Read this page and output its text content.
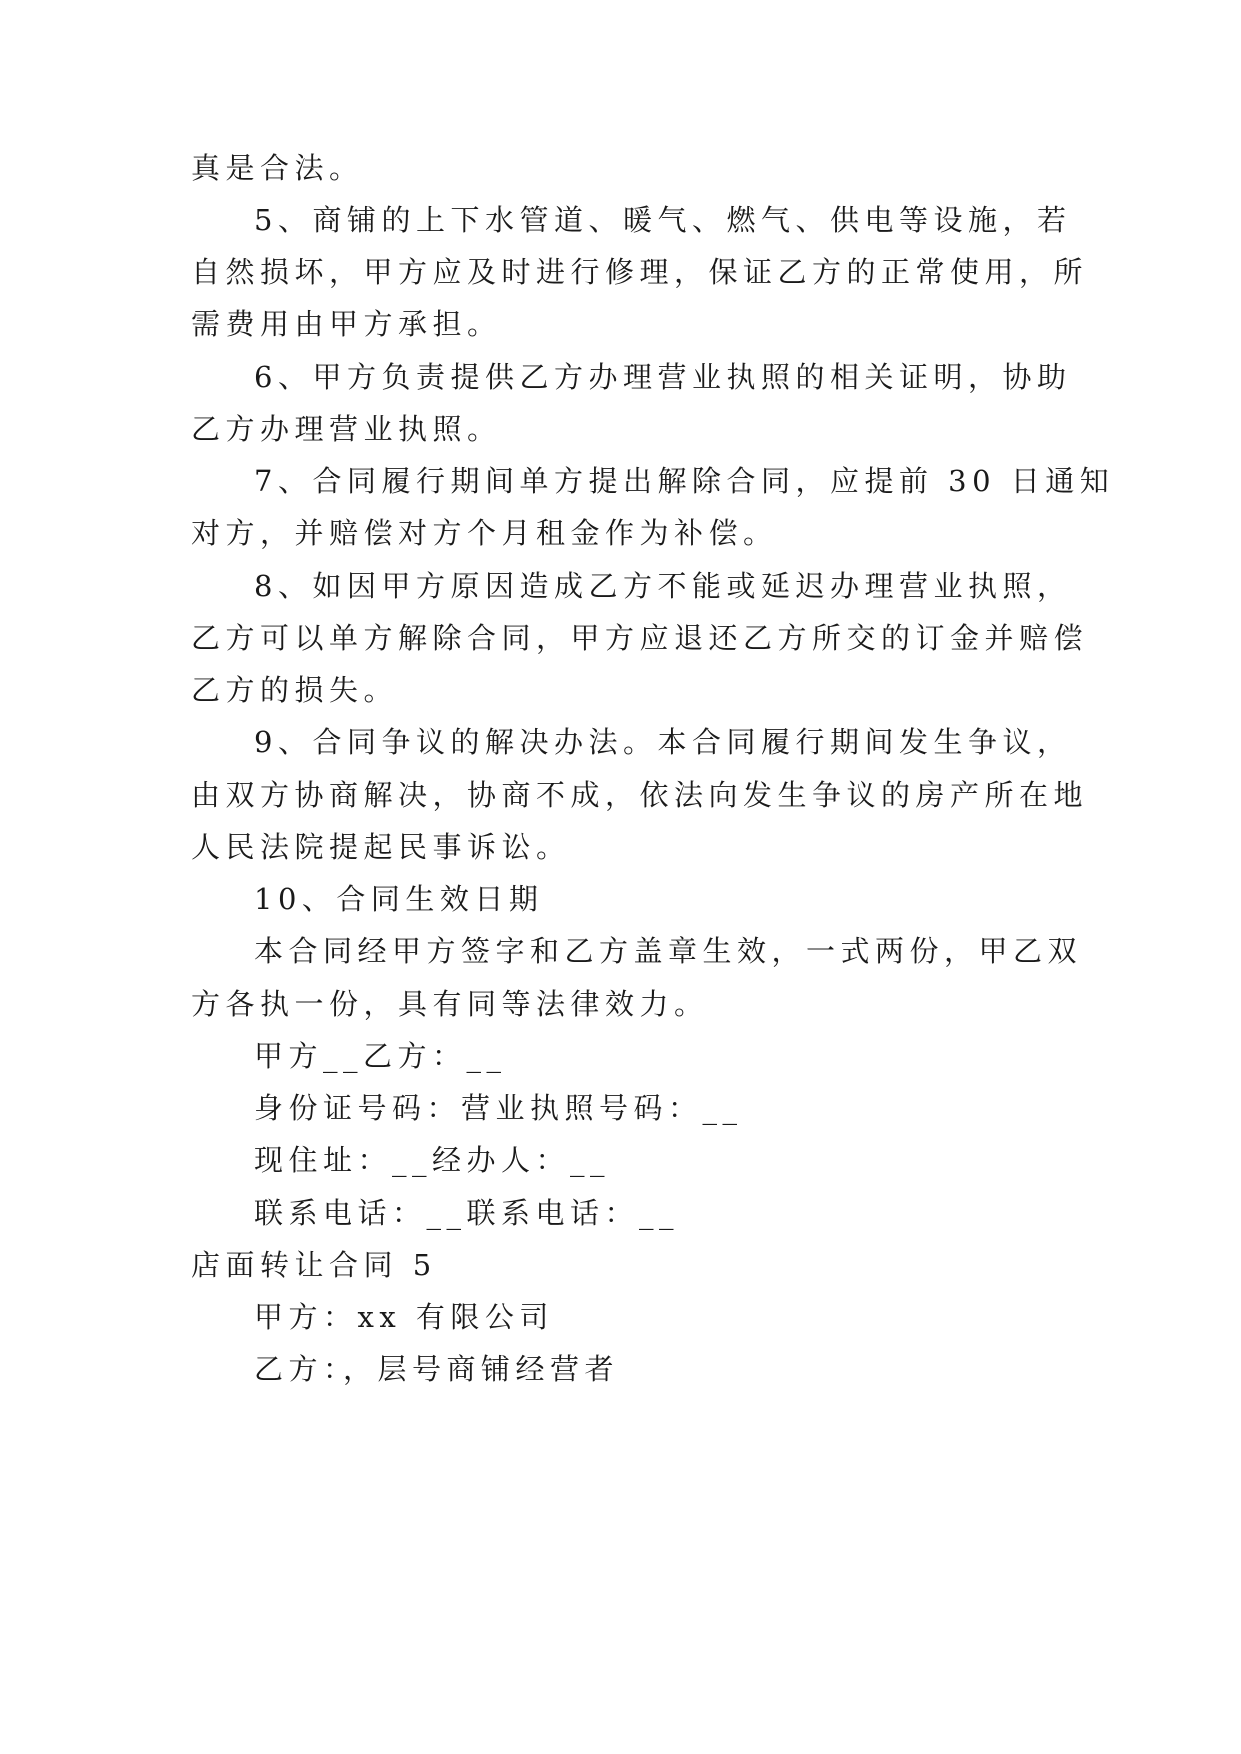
真是合法。
5、商铺的上下水管道、暖气、燃气、供电等设施，若
自然损坏，甲方应及时进行修理，保证乙方的正常使用，所
需费用由甲方承担。
6、甲方负责提供乙方办理营业执照的相关证明，协助
乙方办理营业执照。
7、合同履行期间单方提出解除合同，应提前 30 日通知
对方，并赔偿对方个月租金作为补偿。
8、如因甲方原因造成乙方不能或延迟办理营业执照，
乙方可以单方解除合同，甲方应退还乙方所交的订金并赔偿
乙方的损失。
9、合同争议的解决办法。本合同履行期间发生争议，
由双方协商解决，协商不成，依法向发生争议的房产所在地
人民法院提起民事诉讼。
10、合同生效日期
本合同经甲方签字和乙方盖章生效，一式两份，甲乙双
方各执一份，具有同等法律效力。
甲方__乙方：__
身份证号码：营业执照号码：__
现住址：__经办人：__
联系电话：__联系电话：__
店面转让合同 5
甲方：xx 有限公司
乙方：，层号商铺经营者
